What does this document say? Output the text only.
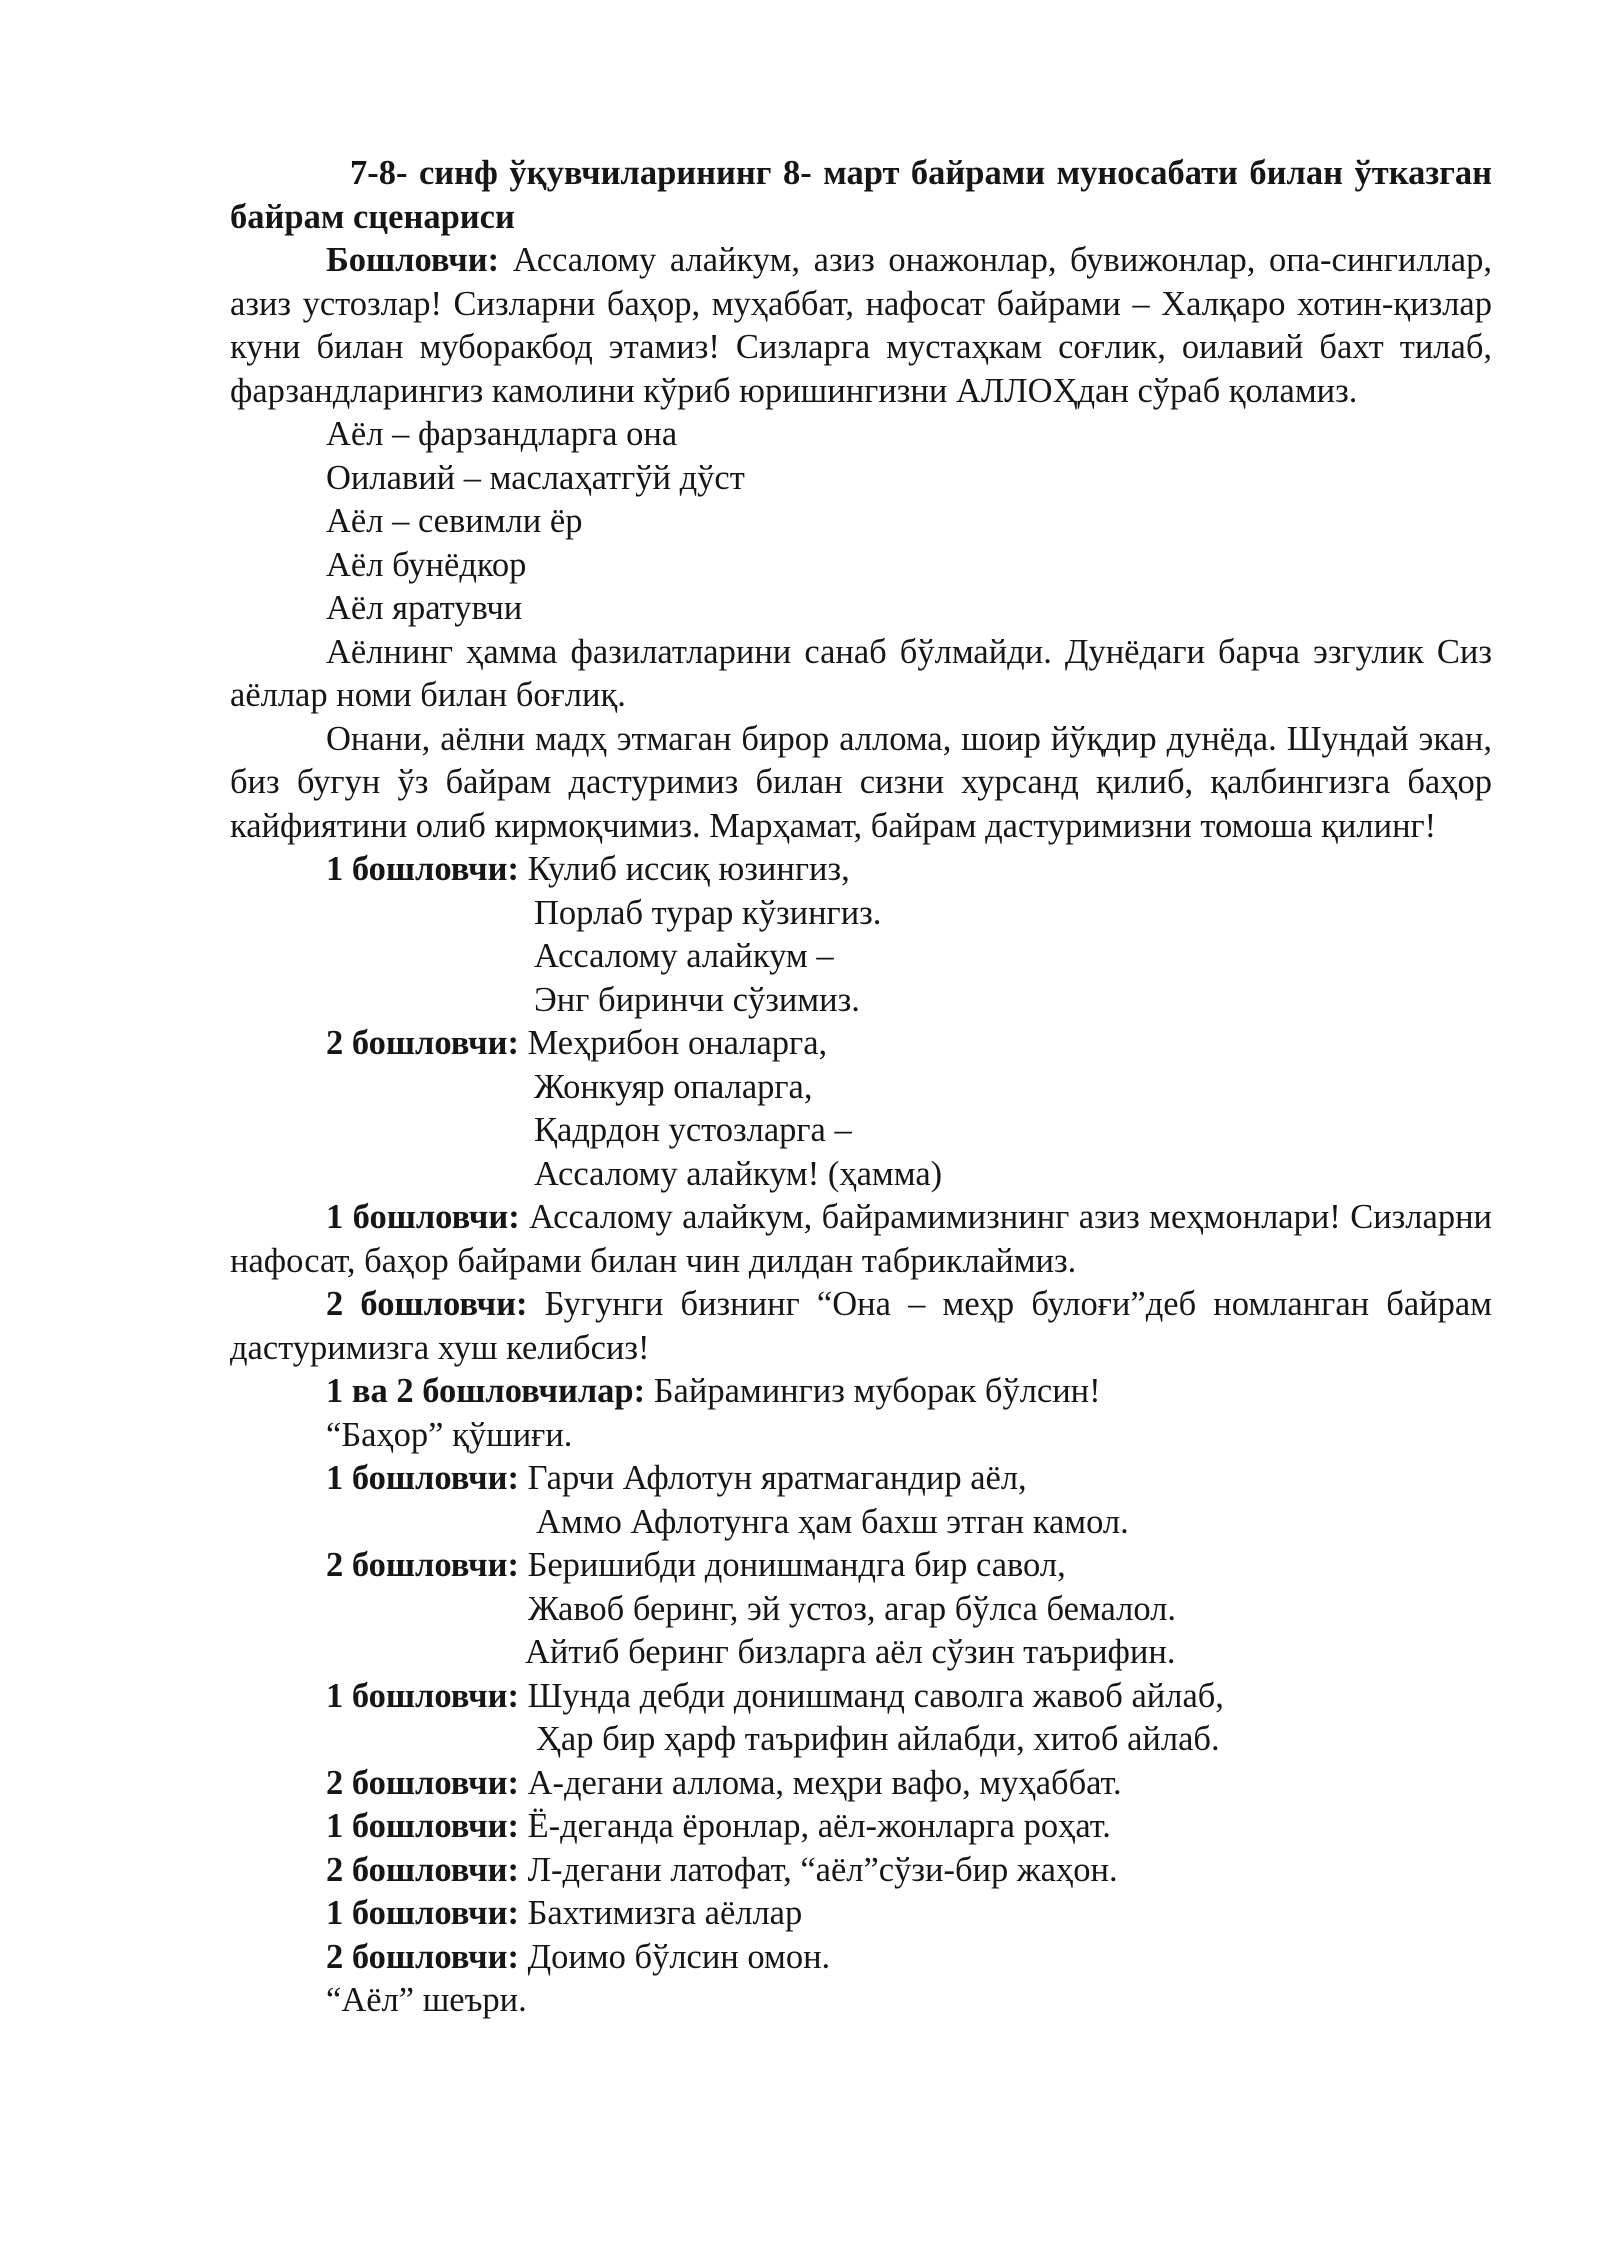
7-8- синф ўқувчиларининг 8- март байрами муносабати билан ўтказган байрам сценариси
Бошловчи: Ассалому алайкум, азиз онажонлар, бувижонлар, опа-сингиллар, азиз устозлар! Сизларни баҳор, муҳаббат, нафосат байрами – Халқаро хотин-қизлар куни билан муборакбод этамиз! Сизларга мустаҳкам соғлик, оилавий бахт тилаб, фарзандларингиз камолини кўриб юришингизни АЛЛОҲдан сўраб қоламиз.
Аёл – фарзандларга она
Оилавий – маслаҳатгўй дўст
Аёл – севимли ёр
Аёл бунёдкор
Аёл яратувчи
Аёлнинг ҳамма фазилатларини санаб бўлмайди. Дунёдаги барча эзгулик Сиз аёллар номи билан боғлиқ.
Онани, аёлни мадҳ этмаган бирор аллома, шоир йўқдир дунёда. Шундай экан, биз бугун ўз байрам дастуримиз билан сизни хурсанд қилиб, қалбингизга баҳор кайфиятини олиб кирмоқчимиз. Марҳамат, байрам дастуримизни томоша қилинг!
1 бошловчи: Кулиб иссиқ юзингиз,
Порлаб турар кўзингиз.
Ассалому алайкум –
Энг биринчи сўзимиз.
2 бошловчи: Меҳрибон оналарга,
Жонкуяр опаларга,
Қадрдон устозларга –
Ассалому алайкум! (ҳамма)
1 бошловчи: Ассалому алайкум, байрамимизнинг азиз меҳмонлари! Сизларни нафосат, баҳор байрами билан чин дилдан табриклаймиз.
2 бошловчи: Бугунги бизнинг “Она – меҳр булоғи”деб номланган байрам дастуримизга хуш келибсиз!
1 ва 2 бошловчилар: Байрамингиз муборак бўлсин!
“Баҳор” қўшиғи.
1 бошловчи: Гарчи Афлотун яратмагандир аёл,
Аммо Афлотунга ҳам бахш этган камол.
2 бошловчи: Беришибди донишмандга бир савол,
Жавоб беринг, эй устоз, агар бўлса бемалол.
Айтиб беринг бизларга аёл сўзин таърифин.
1 бошловчи: Шунда дебди донишманд саволга жавоб айлаб,
Ҳар бир ҳарф таърифин айлабди, хитоб айлаб.
2 бошловчи: А-дегани аллома, меҳри вафо, муҳаббат.
1 бошловчи: Ё-деганда ёронлар, аёл-жонларга роҳат.
2 бошловчи: Л-дегани латофат, “аёл”сўзи-бир жаҳон.
1 бошловчи: Бахтимизга аёллар
2 бошловчи: Доимо бўлсин омон.
“Аёл” шеъри.
